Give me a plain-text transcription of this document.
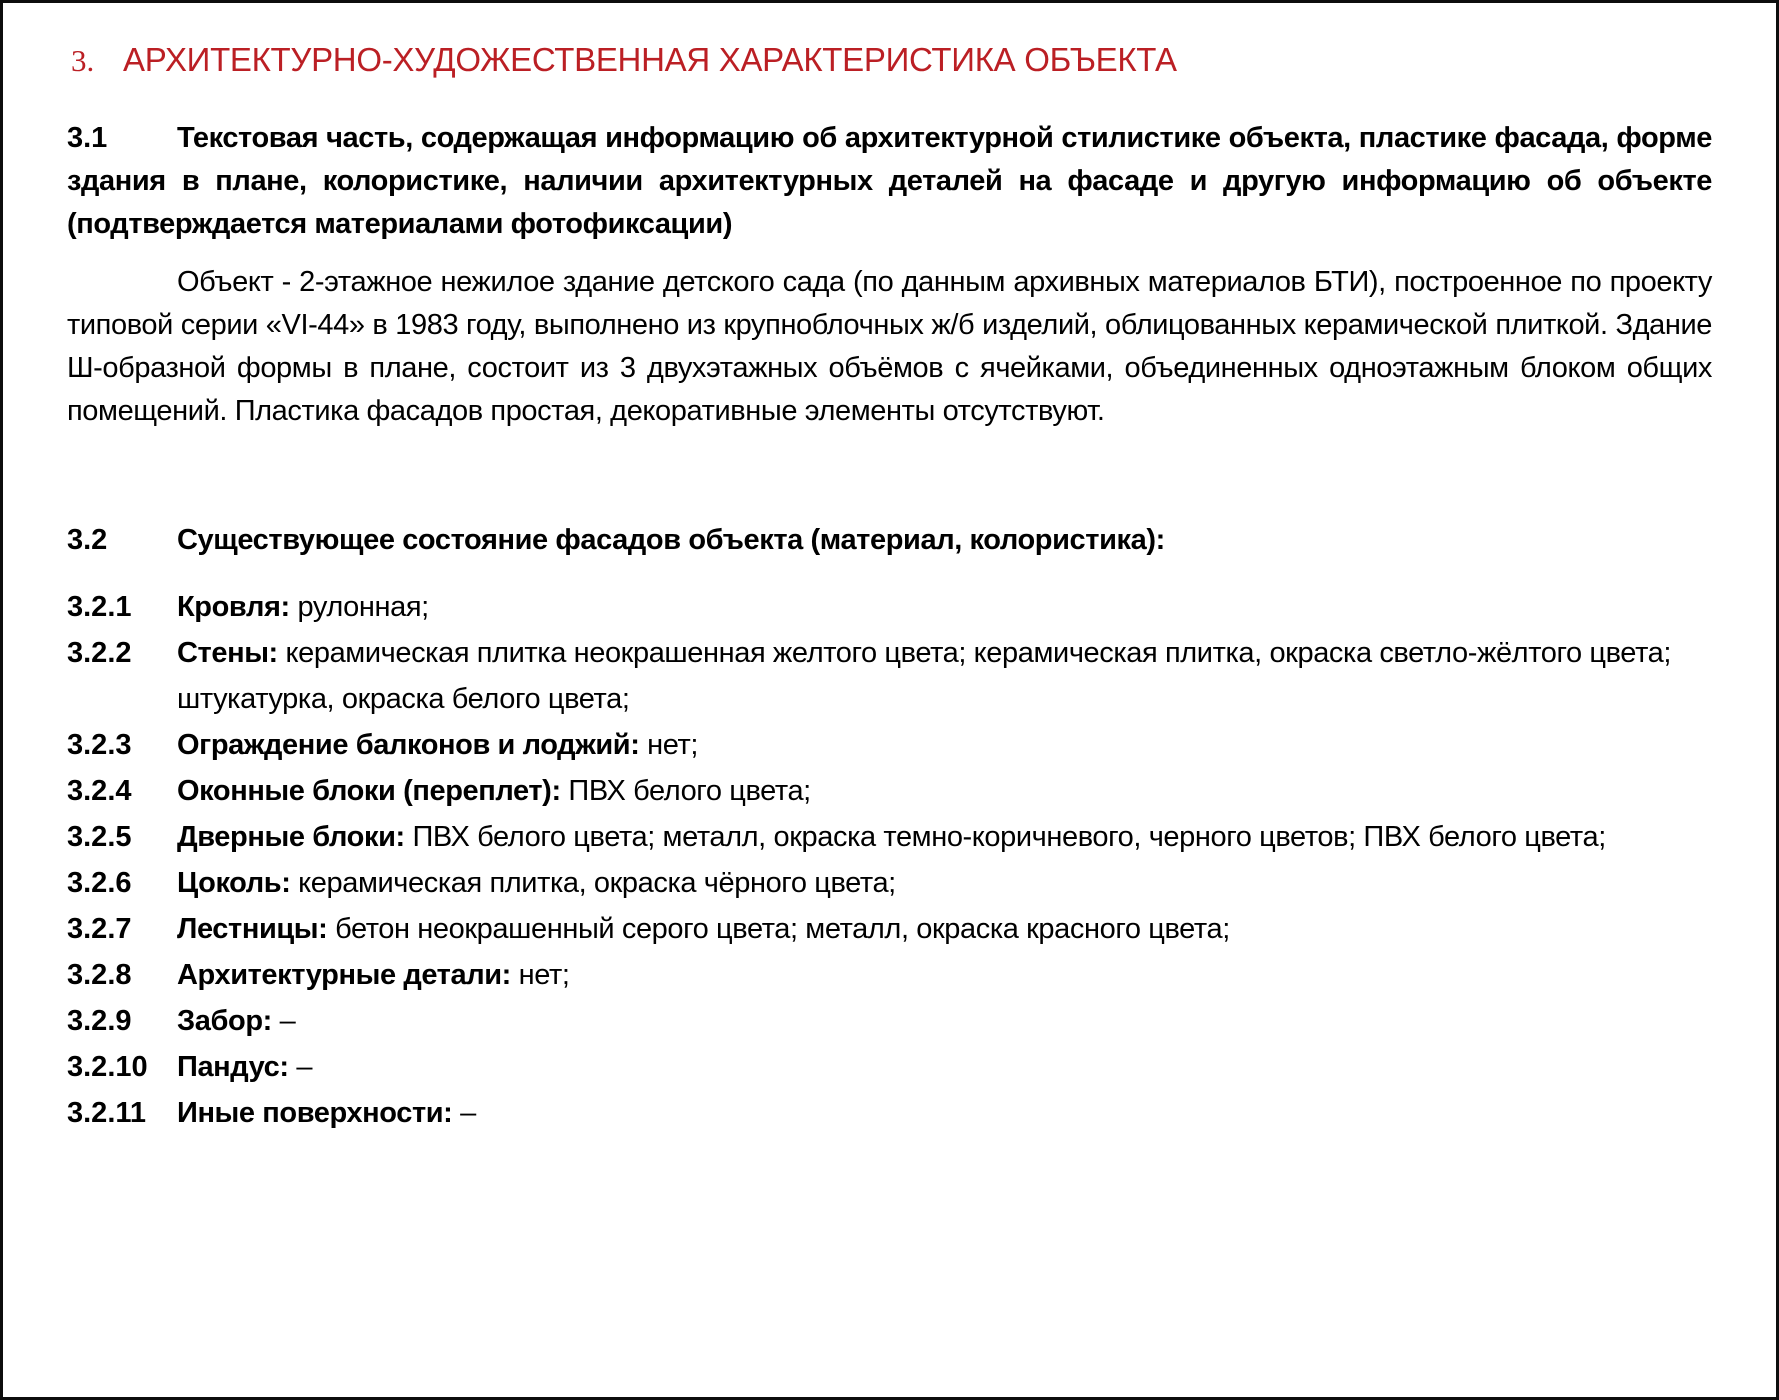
3. АРХИТЕКТУРНО-ХУДОЖЕСТВЕННАЯ ХАРАКТЕРИСТИКА ОБЪЕКТА

3.1 Текстовая часть, содержащая информацию об архитектурной стилистике объекта, пластике фасада, форме здания в плане, колористике, наличии архитектурных деталей на фасаде и другую информацию об объекте (подтверждается материалами фотофиксации)

Объект - 2-этажное нежилое здание детского сада (по данным архивных материалов БТИ), построенное по проекту типовой серии «VI-44» в 1983 году, выполнено из крупноблочных ж/б изделий, облицованных керамической плиткой. Здание Ш-образной формы в плане, состоит из 3 двухэтажных объёмов с ячейками, объединенных одноэтажным блоком общих помещений. Пластика фасадов простая, декоративные элементы отсутствуют.

3.2	Существующее состояние фасадов объекта (материал, колористика):
3.2.1	Кровля: рулонная;
3.2.2	Стены: керамическая плитка неокрашенная желтого цвета; керамическая плитка, окраска светло-жёлтого цвета; штукатурка, окраска белого цвета;
3.2.3	Ограждение балконов и лоджий: нет;
3.2.4	Оконные блоки (переплет): ПВХ белого цвета;
3.2.5	Дверные блоки: ПВХ белого цвета; металл, окраска темно-коричневого, черного цветов; ПВХ белого цвета;
3.2.6	Цоколь: керамическая плитка, окраска чёрного цвета;
3.2.7	Лестницы: бетон неокрашенный серого цвета; металл, окраска красного цвета;
3.2.8	Архитектурные детали: нет;
3.2.9	Забор: –
3.2.10	Пандус: –
3.2.11	Иные поверхности: –
